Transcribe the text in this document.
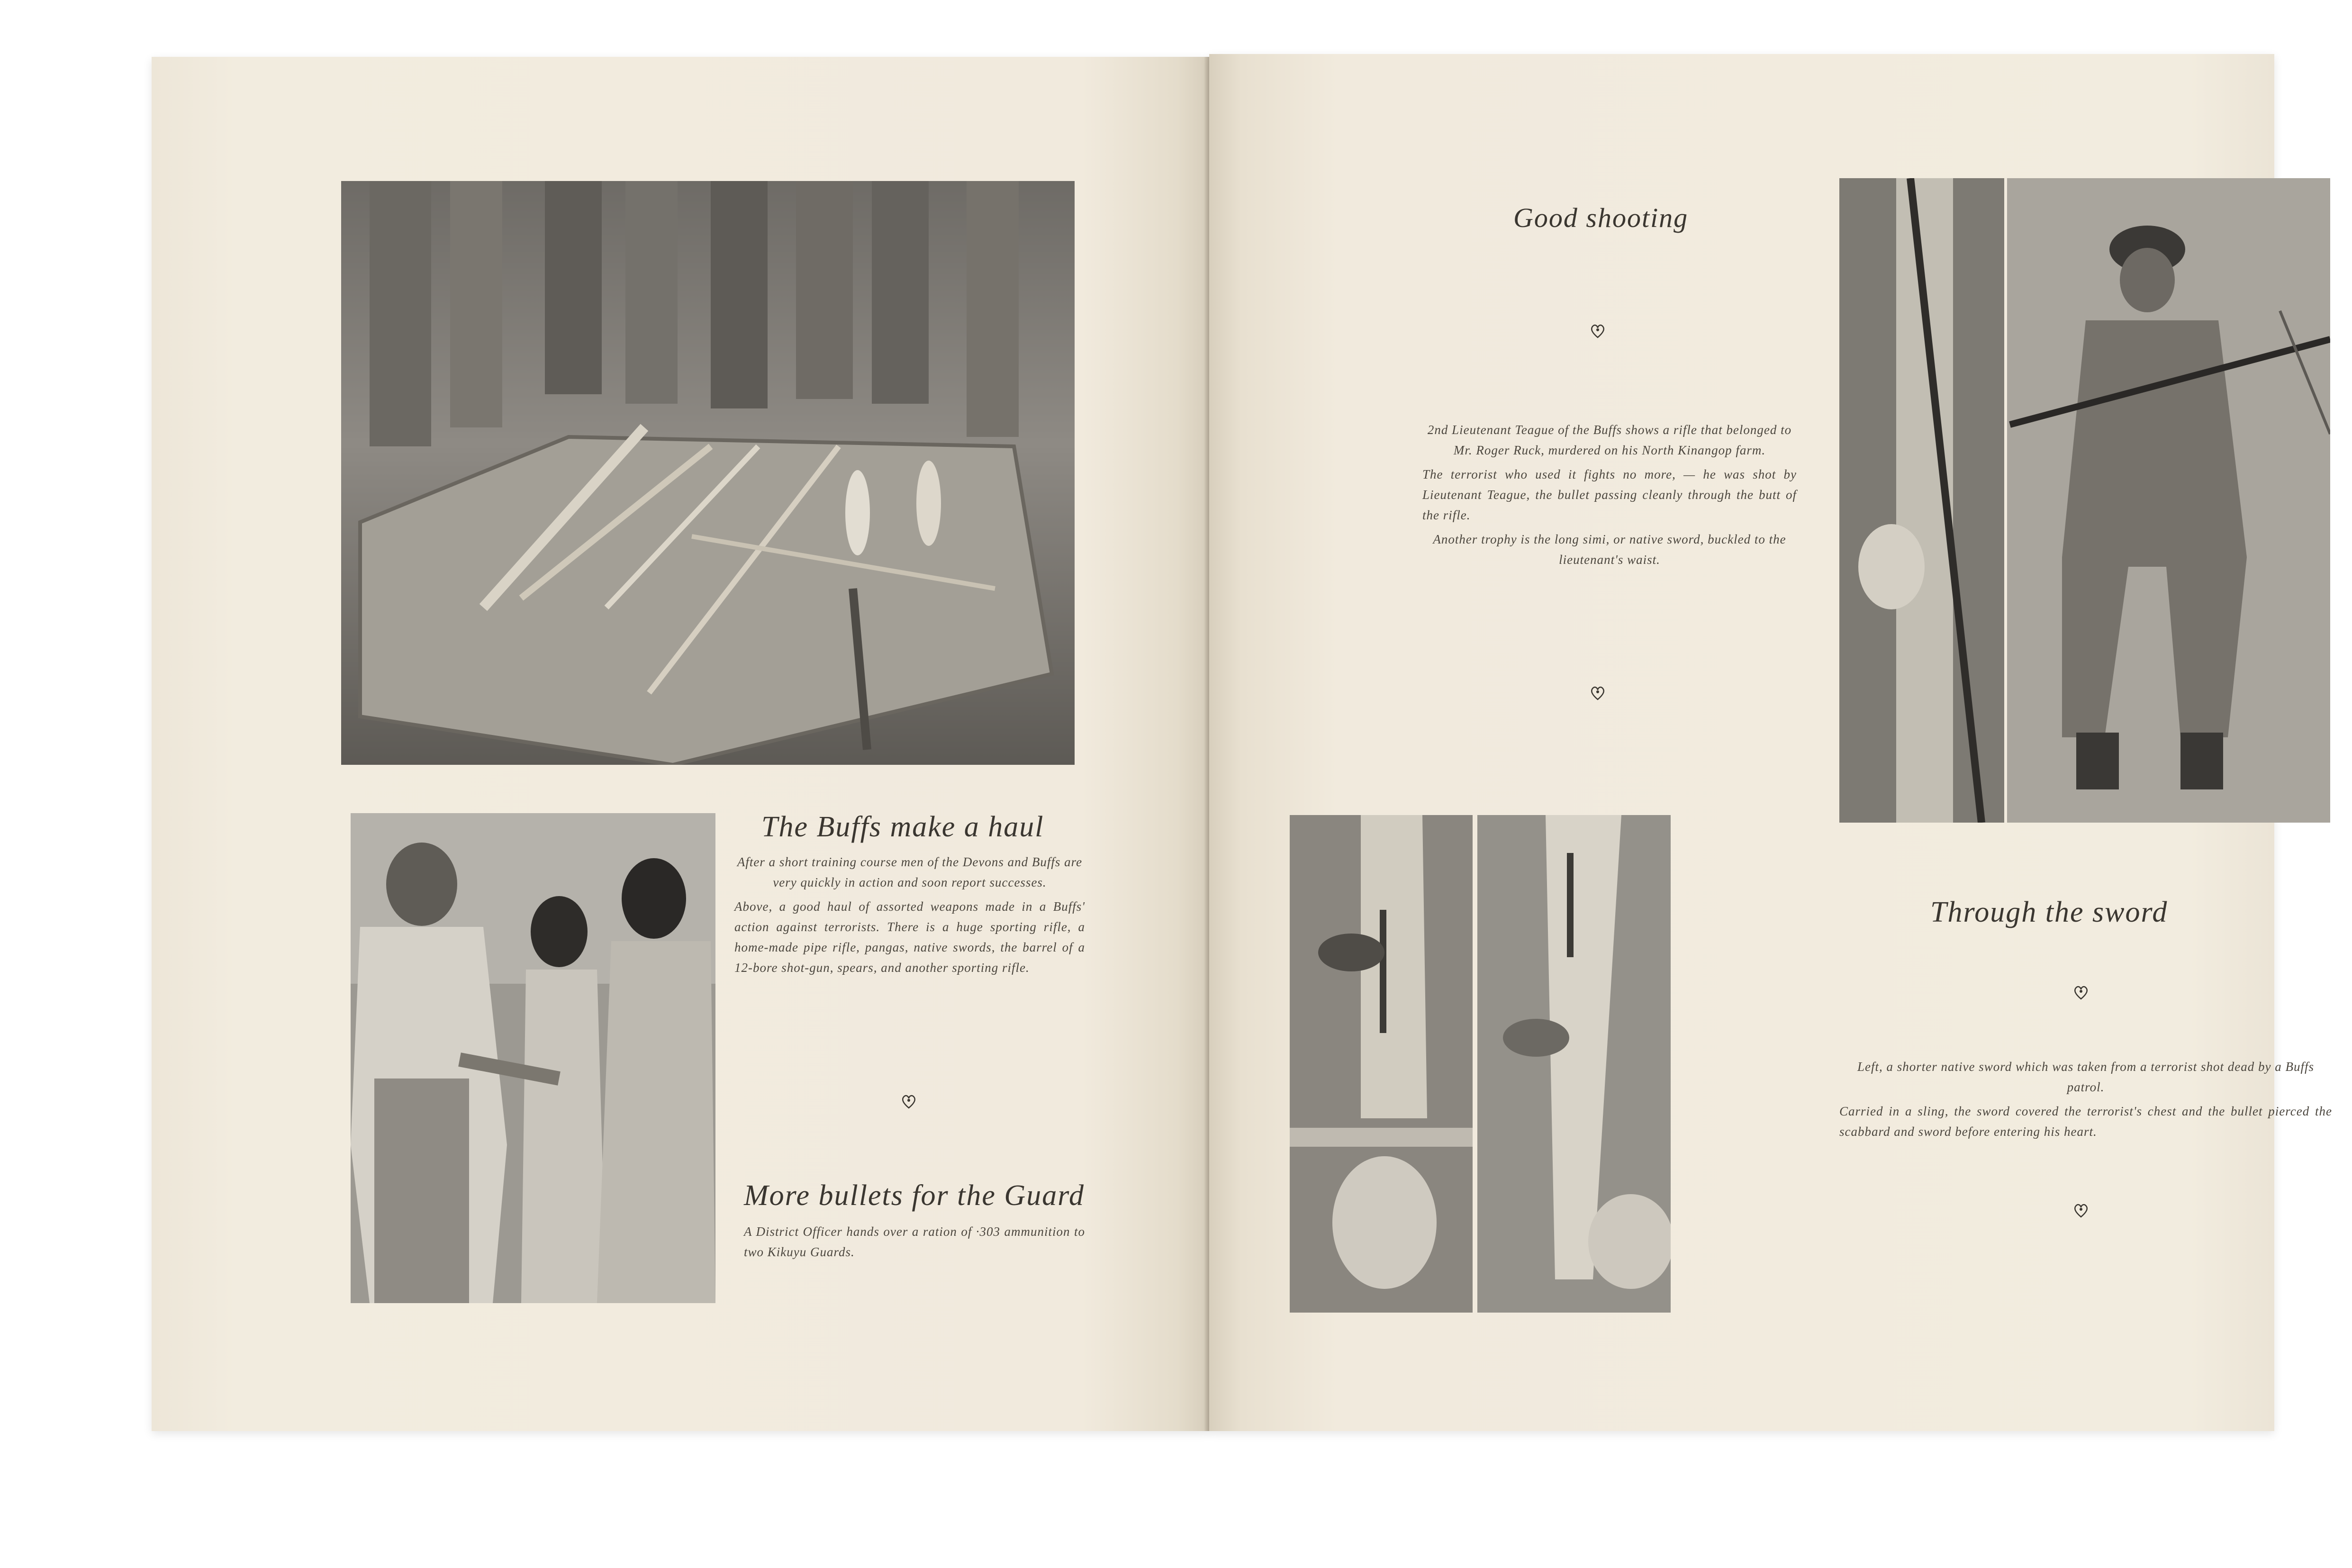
The Buffs make a haul

After a short training course men of the Devons and Buffs are very quickly in action and soon report successes.

Above, a good haul of assorted weapons made in a Buffs' action against terrorists. There is a huge sporting rifle, a home-made pipe rifle, pangas, native swords, the barrel of a 12-bore shot-gun, spears, and another sporting rifle.

More bullets for the Guard

A District Officer hands over a ration of ·303 ammunition to two Kikuyu Guards.

Good shooting

2nd Lieutenant Teague of the Buffs shows a rifle that belonged to Mr. Roger Ruck, murdered on his North Kinangop farm.

The terrorist who used it fights no more, — he was shot by Lieutenant Teague, the bullet passing cleanly through the butt of the rifle.

Another trophy is the long simi, or native sword, buckled to the lieutenant's waist.

Through the sword

Left, a shorter native sword which was taken from a terrorist shot dead by a Buffs patrol.

Carried in a sling, the sword covered the terrorist's chest and the bullet pierced the scabbard and sword before entering his heart.
